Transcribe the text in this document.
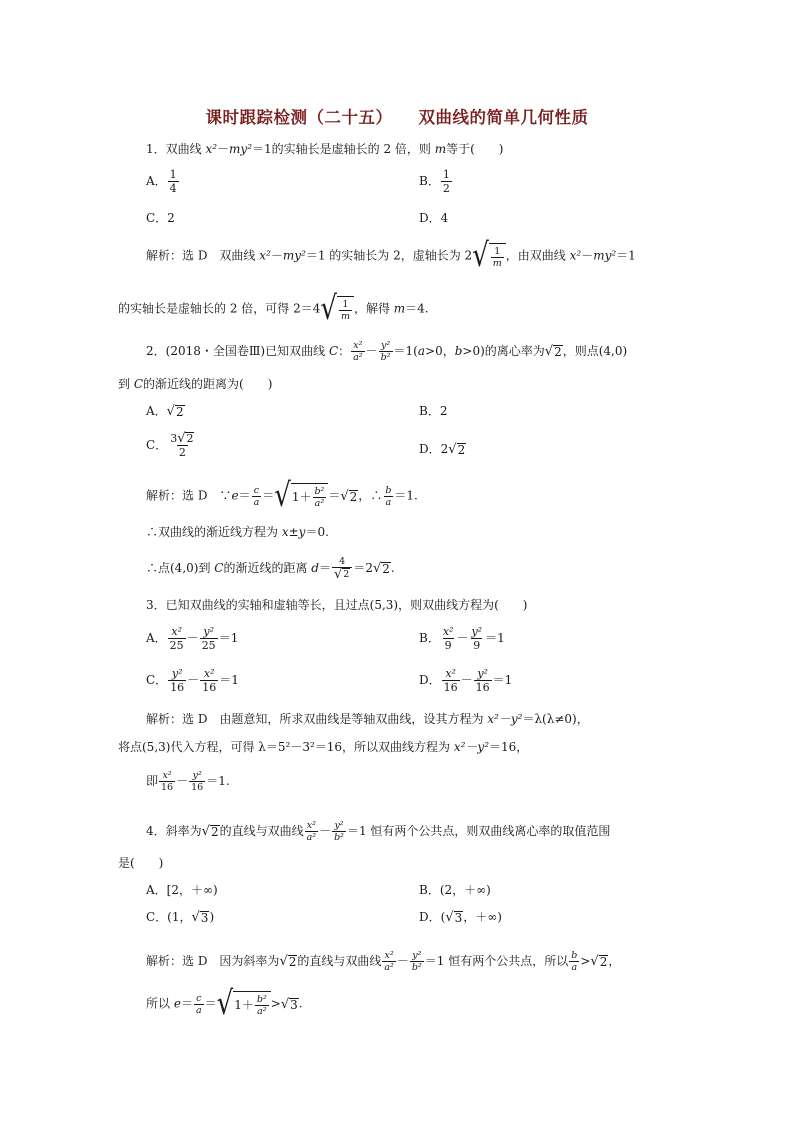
课时跟踪检测（二十五） 双曲线的简单几何性质
1．双曲线 x²－my²＝1的实轴长是虚轴长的 2 倍，则 m等于(　　)
A． $\frac{1}{4}$	B． $\frac{1}{2}$
C．2	D．4
解析：选 D　双曲线 x²－my²＝1 的实轴长为 2，虚轴长为 2 √ $\frac{1}{m}$ ，由双曲线 x²－my²＝1
的实轴长是虚轴长的 2 倍，可得 2＝4 √ $\frac{1}{m}$ ，解得 m＝4.
2．(2018・全国卷Ⅲ)已知双曲线 C： $\frac{\text{x²}}{\text{a²}} - \frac{\text{y²}}{\text{b²}} =1(a>0$，b>0)的离心率为 √ 2 ，则点(4,0)
到 C的渐近线的距离为(　　)
A． √ 2	B．2
C． $\frac{3 √ 2}{2}$	D．2 √ 2
解析：选 D　∵e＝ $\frac{c}{a}$ ＝ √ $1+ \frac{\text{b²}}{\text{a²}}$ ＝ √ 2 ，∴ $\frac{b}{a} =1$.
∴双曲线的渐近线方程为 x±y＝0.
∴点(4,0)到 C的渐近线的距离 $d= \frac{4}{√ 2} =2$ √ 2 .
3．已知双曲线的实轴和虚轴等长，且过点(5,3)，则双曲线方程为(　　)
A． $\frac{\text{x²}}{25} - \frac{\text{y²}}{25} =1$	B． $\frac{\text{x²}}{9} - \frac{\text{y²}}{9} =1$
C． $\frac{\text{y²}}{16} - \frac{\text{x²}}{16} =1$	D． $\frac{\text{x²}}{16} - \frac{\text{y²}}{16} =1$
解析：选 D　由题意知，所求双曲线是等轴双曲线，设其方程为 x²－y²＝λ(λ≠0)，
将点(5,3)代入方程，可得 λ＝5²－3²＝16，所以双曲线方程为 x²－y²＝16，
即 $\frac{\text{x²}}{16} - \frac{\text{y²}}{16} =1$.
4．斜率为 √ 2 的直线与双曲线 $\frac{\text{x²}}{\text{a²}} - \frac{\text{y²}}{\text{b²}} =1$ 恒有两个公共点，则双曲线离心率的取值范围
是(　　)
A．[2，＋∞)	B．(2，＋∞)
C．(1， √ 3 )	D．( √ 3 ，＋∞)
解析：选 D　因为斜率为 √ 2 的直线与双曲线 $\frac{\text{x²}}{\text{a²}} - \frac{\text{y²}}{\text{b²}} =1$ 恒有两个公共点，所以 $\frac{b}{a}$ > √ 2 ，
所以 $e= \frac{c}{a}$ ＝ √ $1+ \frac{\text{b²}}{\text{a²}}$ > √ 3 .
